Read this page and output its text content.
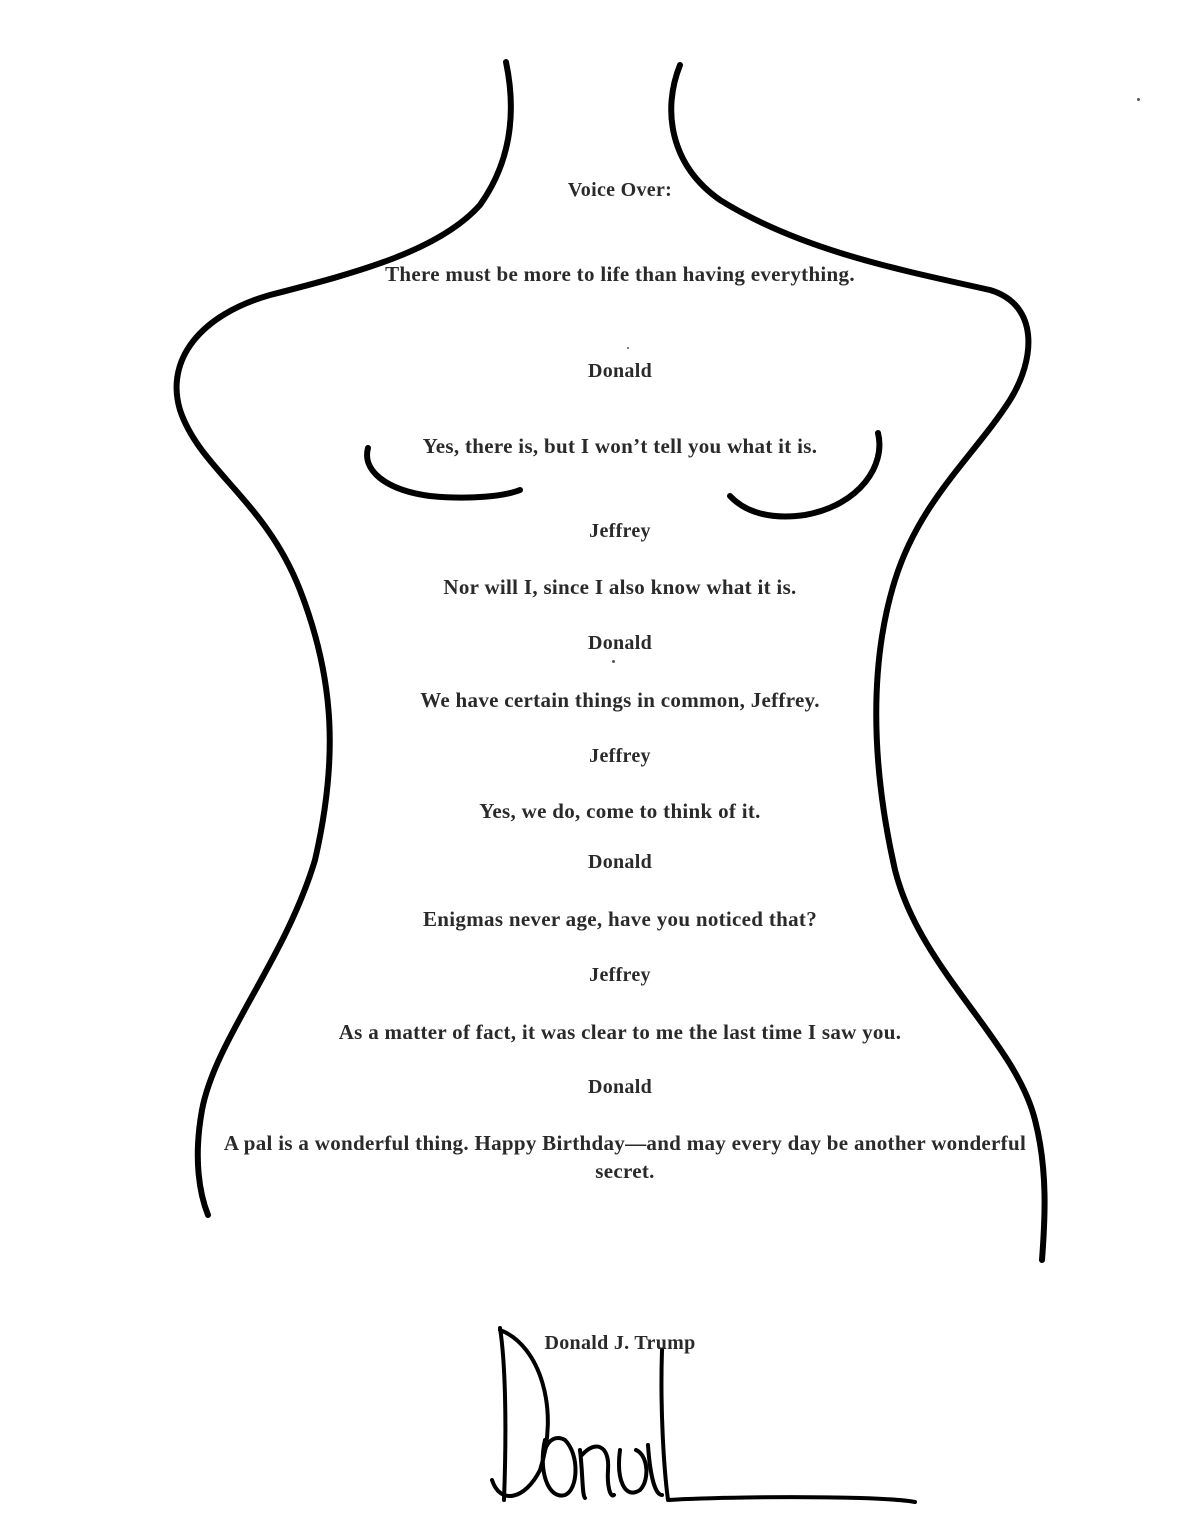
Voice Over:
There must be more to life than having everything.
Donald
Yes, there is, but I won’t tell you what it is.
Jeffrey
Nor will I, since I also know what it is.
Donald
We have certain things in common, Jeffrey.
Jeffrey
Yes, we do, come to think of it.
Donald
Enigmas never age, have you noticed that?
Jeffrey
As a matter of fact, it was clear to me the last time I saw you.
Donald
A pal is a wonderful thing. Happy Birthday—and may every day be another wonderful secret.
Donald J. Trump
